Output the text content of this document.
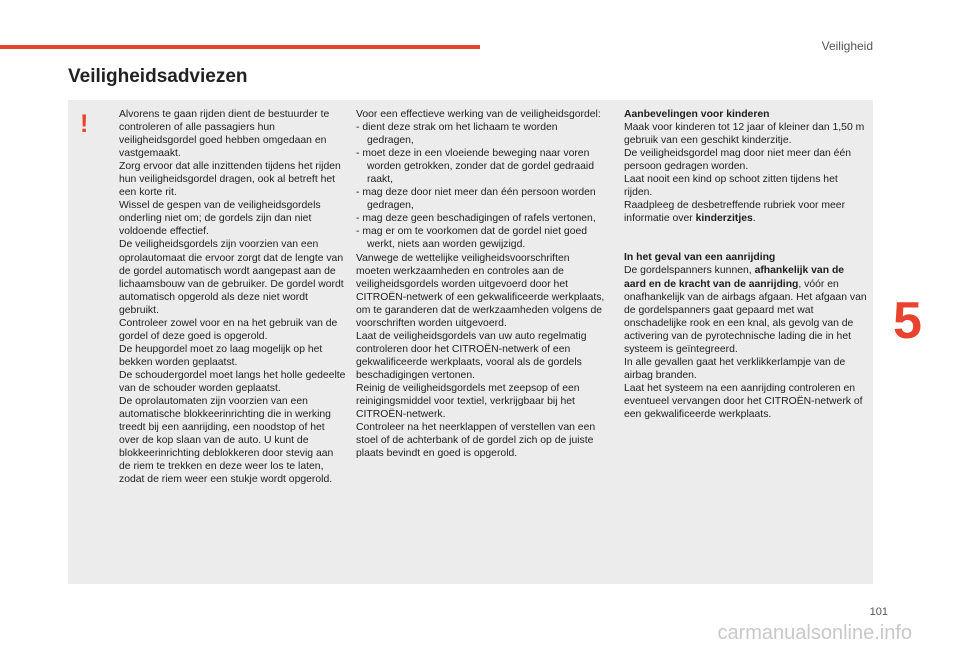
Veiligheid
Veiligheidsadviezen
!	Alvorens te gaan rijden dient de bestuurder te controleren of alle passagiers hun veiligheidsgordel goed hebben omgedaan en vastgemaakt.
Zorg ervoor dat alle inzittenden tijdens het rijden hun veiligheidsgordel dragen, ook al betreft het een korte rit.
Wissel de gespen van de veiligheidsgordels onderling niet om; de gordels zijn dan niet voldoende effectief.
De veiligheidsgordels zijn voorzien van een oprolautomaat die ervoor zorgt dat de lengte van de gordel automatisch wordt aangepast aan de lichaamsbouw van de gebruiker. De gordel wordt automatisch opgerold als deze niet wordt gebruikt.
Controleer zowel voor en na het gebruik van de gordel of deze goed is opgerold.
De heupgordel moet zo laag mogelijk op het bekken worden geplaatst.
De schoudergordel moet langs het holle gedeelte van de schouder worden geplaatst.
De oprolautomaten zijn voorzien van een automatische blokkeerinrichting die in werking treedt bij een aanrijding, een noodstop of het over de kop slaan van de auto. U kunt de blokkeerinrichting deblokkeren door stevig aan de riem te trekken en deze weer los te laten, zodat de riem weer een stukje wordt opgerold.

Voor een effectieve werking van de veiligheidsgordel:

- dient deze strak om het lichaam te worden gedragen,

- moet deze in een vloeiende beweging naar voren worden getrokken, zonder dat de gordel gedraaid raakt,

- mag deze door niet meer dan één persoon worden gedragen,

- mag deze geen beschadigingen of rafels vertonen,

- mag er om te voorkomen dat de gordel niet goed werkt, niets aan worden gewijzigd.

Vanwege de wettelijke veiligheidsvoorschriften moeten werkzaamheden en controles aan de veiligheidsgordels worden uitgevoerd door het CITROËN-netwerk of een gekwalificeerde werkplaats, om te garanderen dat de werkzaamheden volgens de voorschriften worden uitgevoerd.
Laat de veiligheidsgordels van uw auto regelmatig controleren door het CITROËN-netwerk of een gekwalificeerde werkplaats, vooral als de gordels beschadigingen vertonen.
Reinig de veiligheidsgordels met zeepsop of een reinigingsmiddel voor textiel, verkrijgbaar bij het CITROËN-netwerk.
Controleer na het neerklappen of verstellen van een stoel of de achterbank of de gordel zich op de juiste plaats bevindt en goed is opgerold.

Aanbevelingen voor kinderen

Maak voor kinderen tot 12 jaar of kleiner dan 1,50 m gebruik van een geschikt kinderzitje.
De veiligheidsgordel mag door niet meer dan één persoon gedragen worden.
Laat nooit een kind op schoot zitten tijdens het rijden.

Raadpleeg de desbetreffende rubriek voor meer informatie over kinderzitjes.

In het geval van een aanrijding

De gordelspanners kunnen, afhankelijk van de aard en de kracht van de aanrijding, vóór en onafhankelijk van de airbags afgaan. Het afgaan van de gordelspanners gaat gepaard met wat onschadelijke rook en een knal, als gevolg van de activering van de pyrotechnische lading die in het systeem is geïntegreerd.
In alle gevallen gaat het verklikkerlampje van de airbag branden.
Laat het systeem na een aanrijding controleren en eventueel vervangen door het CITROËN-netwerk of een gekwalificeerde werkplaats.

5
101
carmanualsonline.info
